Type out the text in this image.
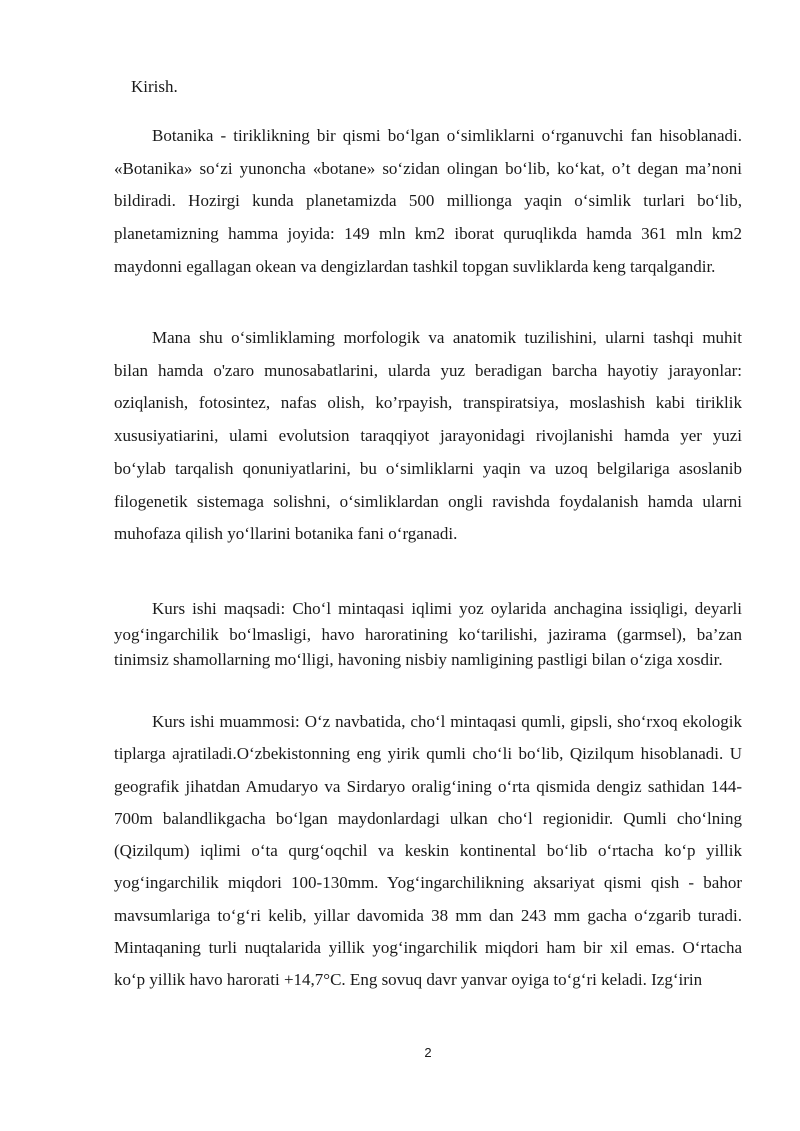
Kirish.

Botanika - tiriklikning bir qismi bo‘lgan o‘simliklarni o‘rganuvchi fan hisoblanadi. «Botanika» so‘zi yunoncha «botane» so‘zidan olingan bo‘lib, ko‘kat, o’t degan ma’noni bildiradi. Hozirgi kunda planetamizda 500 millionga yaqin o‘simlik turlari bo‘lib, planetamizning hamma joyida: 149 mln km2 iborat quruqlikda hamda 361 mln km2 maydonni egallagan okean va dengizlardan tashkil topgan suvliklarda keng tarqalgandir.

Mana shu o‘simliklaming morfologik va anatomik tuzilishini, ularni tashqi muhit bilan hamda o'zaro munosabatlarini, ularda yuz beradigan barcha hayotiy jarayonlar: oziqlanish, fotosintez, nafas olish, ko’rpayish, transpiratsiya, moslashish kabi tiriklik xususiyatiarini, ulami evolutsion taraqqiyot jarayonidagi rivojlanishi hamda yer yuzi bo‘ylab tarqalish qonuniyatlarini, bu o‘simliklarni yaqin va uzoq belgilariga asoslanib filogenetik sistemaga solishni, o‘simliklardan ongli ravishda foydalanish hamda ularni muhofaza qilish yo‘llarini botanika fani o‘rganadi.

Kurs ishi maqsadi: Cho‘l mintaqasi iqlimi yoz oylarida anchagina issiqligi, deyarli yog‘ingarchilik bo‘lmasligi, havo haroratining ko‘tarilishi, jazirama (garmsel), ba’zan tinimsiz shamollarning mo‘lligi, havoning nisbiy namligining pastligi bilan o‘ziga xosdir.

Kurs ishi muammosi: O‘z navbatida, cho‘l mintaqasi qumli, gipsli, sho‘rxoq ekologik tiplarga ajratiladi.O‘zbekistonning eng yirik qumli cho‘li bo‘lib, Qizilqum hisoblanadi. U geografik jihatdan Amudaryo va Sirdaryo oralig‘ining o‘rta qismida dengiz sathidan 144-700m balandlikgacha bo‘lgan maydonlardagi ulkan cho‘l regionidir. Qumli cho‘lning (Qizilqum) iqlimi o‘ta qurg‘oqchil va keskin kontinental bo‘lib o‘rtacha ko‘p yillik yog‘ingarchilik miqdori 100-130mm. Yog‘ingarchilikning aksariyat qismi qish - bahor mavsumlariga to‘g‘ri kelib, yillar davomida 38 mm dan 243 mm gacha o‘zgarib turadi. Mintaqaning turli nuqtalarida yillik yog‘ingarchilik miqdori ham bir xil emas. O‘rtacha ko‘p yillik havo harorati +14,7°C. Eng sovuq davr yanvar oyiga to‘g‘ri keladi. Izg‘irin

2
